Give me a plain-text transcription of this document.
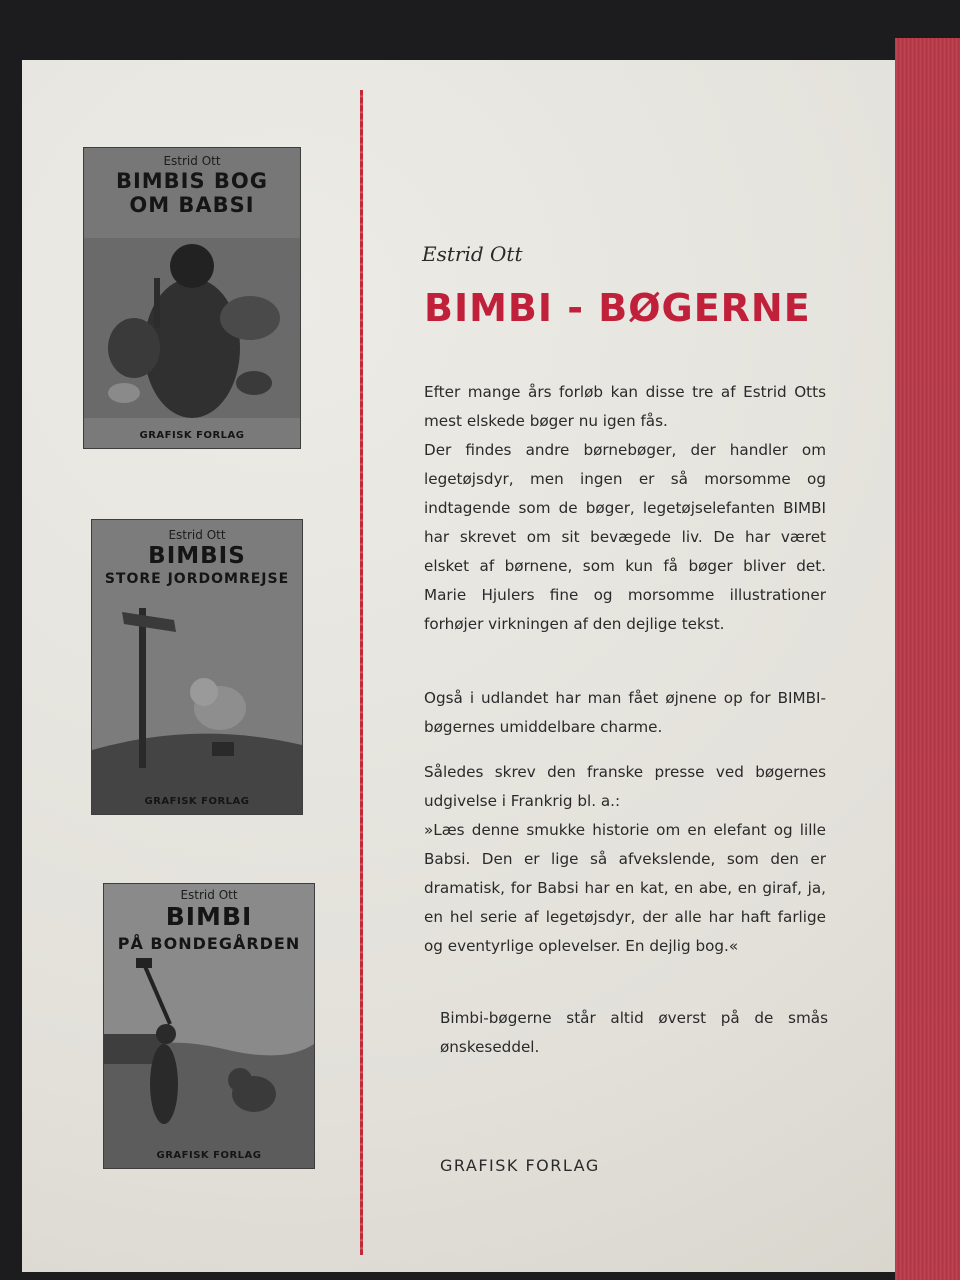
Estrid Ott
BIMBIS BOG
OM BABSI
GRAFISK FORLAG
Estrid Ott
BIMBIS
STORE JORDOMREJSE
GRAFISK FORLAG
Estrid Ott
BIMBI
PÅ BONDEGÅRDEN
GRAFISK FORLAG
Estrid Ott
BIMBI - BØGERNE

Efter mange års forløb kan disse tre af Estrid Otts mest elskede bøger nu igen fås.

Der findes andre børnebøger, der handler om legetøjsdyr, men ingen er så morsomme og indtagende som de bøger, legetøjselefanten BIMBI har skrevet om sit bevægede liv. De har været elsket af børnene, som kun få bøger bliver det. Marie Hjulers fine og morsomme illustrationer forhøjer virkningen af den dejlige tekst.

Også i udlandet har man fået øjnene op for BIMBI-bøgernes umiddelbare charme.

Således skrev den franske presse ved bøgernes udgivelse i Frankrig bl. a.:

»Læs denne smukke historie om en elefant og lille Babsi. Den er lige så afvekslende, som den er dramatisk, for Babsi har en kat, en abe, en giraf, ja, en hel serie af legetøjsdyr, der alle har haft farlige og eventyrlige oplevelser. En dejlig bog.«

Bimbi-bøgerne står altid øverst på de smås ønskeseddel.

GRAFISK FORLAG
